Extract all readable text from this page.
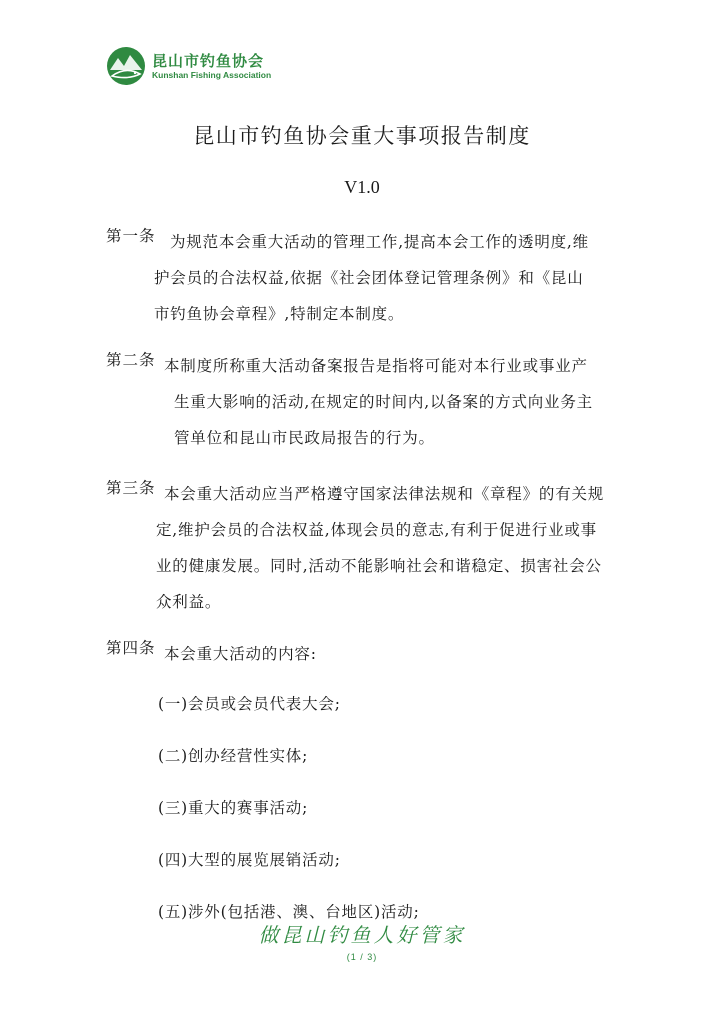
昆山市钓鱼协会
Kunshan Fishing Association
昆山市钓鱼协会重大事项报告制度
V1.0
第一条 为规范本会重大活动的管理工作,提高本会工作的透明度,维
护会员的合法权益,依据《社会团体登记管理条例》和《昆山
市钓鱼协会章程》,特制定本制度。
第二条 本制度所称重大活动备案报告是指将可能对本行业或事业产
生重大影响的活动,在规定的时间内,以备案的方式向业务主
管单位和昆山市民政局报告的行为。
第三条 本会重大活动应当严格遵守国家法律法规和《章程》的有关规
定,维护会员的合法权益,体现会员的意志,有利于促进行业或事
业的健康发展。同时,活动不能影响社会和谐稳定、损害社会公
众利益。
第四条 本会重大活动的内容:
(一)会员或会员代表大会;
(二)创办经营性实体;
(三)重大的赛事活动;
(四)大型的展览展销活动;
(五)涉外(包括港、澳、台地区)活动;
做昆山钓鱼人好管家
(1 / 3)
